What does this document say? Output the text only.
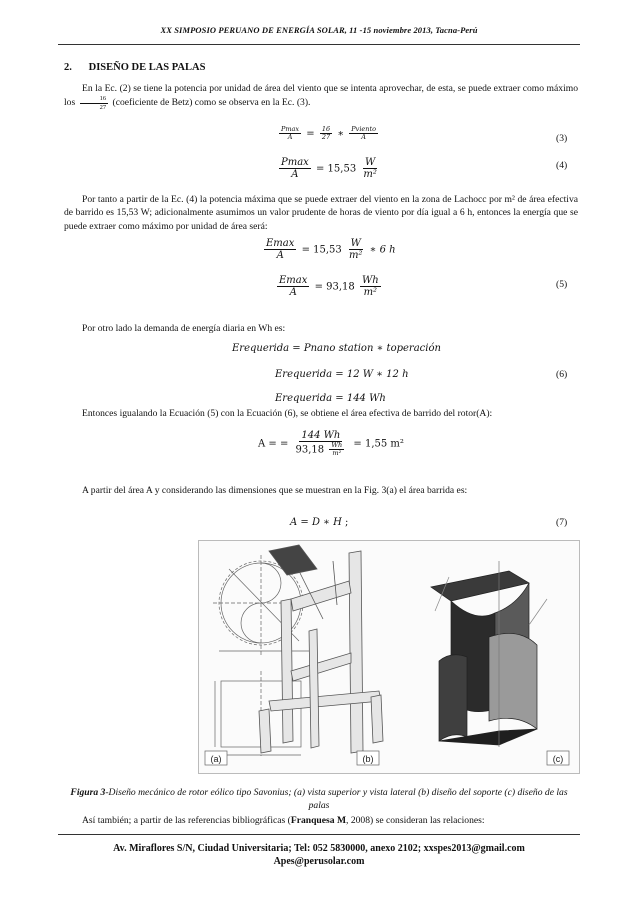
XX SIMPOSIO PERUANO DE ENERGÍA SOLAR, 11 -15 noviembre 2013, Tacna-Perú
2. DISEÑO DE LAS PALAS
En la Ec. (2) se tiene la potencia por unidad de área del viento que se intenta aprovechar, de esta, se puede extraer como máximo los $\frac{16}{27}$ (coeficiente de Betz) como se observa en la Ec. (3).
$\frac{Pmax}{A} = \frac{16}{27}$ ∗ $\frac{\text{Pviento}}{A}$	(3)
$\frac{Pmax}{A} = 15,53 \frac{W}{\text{m²}}$	(4)
Por tanto a partir de la Ec. (4) la potencia máxima que se puede extraer del viento en la zona de Lachocc por m² de área efectiva de barrido es 15,53 W; adicionalmente asumimos un valor prudente de horas de viento por día igual a 6 h, entonces la energía que se puede extraer como máximo por unidad de área será:
$\frac{Emax}{A} = 15,53 \frac{W}{\text{m²}}$ ∗ 6 h
$\frac{Emax}{A} = 93,18 \frac{Wh}{\text{m²}}$	(5)
Por otro lado la demanda de energía diaria en Wh es:
Erequerida = Pnano station ∗ toperación
Erequerida = 12 W ∗ 12 h
Erequerida = 144 Wh
(6)
Entonces igualando la Ecuación (5) con la Ecuación (6), se obtiene el área efectiva de barrido del rotor(A):
A = = $\frac{144 Wh}{93,18 \frac{Wh}{\text{m²}}} = 1,55$ m²
A partir del área A y considerando las dimensiones que se muestran en la Fig. 3(a) el área barrida es:
A = D ∗ H ;	(7)
(a)	(b)	(c)
Figura 3-Diseño mecánico de rotor eólico tipo Savonius; (a) vista superior y vista lateral (b) diseño del soporte (c) diseño de las palas
Así también; a partir de las referencias bibliográficas (Franquesa M, 2008) se consideran las relaciones:
Av. Miraflores S/N, Ciudad Universitaria; Tel: 052 5830000, anexo 2102; xxspes2013@gmail.com
Apes@perusolar.com
